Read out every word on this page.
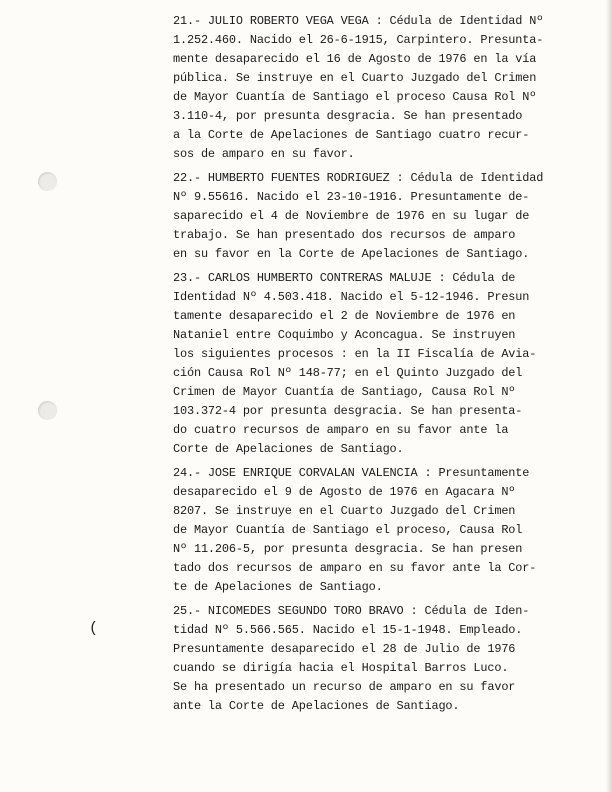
(
21.- JULIO ROBERTO VEGA VEGA : Cédula de Identidad Nº
1.252.460. Nacido el 26-6-1915, Carpintero. Presunta-
mente desaparecido el 16 de Agosto de 1976 en la vía
pública. Se instruye en el Cuarto Juzgado del Crimen
de Mayor Cuantía de Santiago el proceso Causa Rol Nº
3.110-4, por presunta desgracia. Se han presentado
a la Corte de Apelaciones de Santiago cuatro recur-
sos de amparo en su favor.
22.- HUMBERTO FUENTES RODRIGUEZ : Cédula de Identidad
Nº 9.55616. Nacido el 23-10-1916. Presuntamente de-
saparecido el 4 de Noviembre de 1976 en su lugar de
trabajo. Se han presentado dos recursos de amparo
en su favor en la Corte de Apelaciones de Santiago.
23.- CARLOS HUMBERTO CONTRERAS MALUJE : Cédula de
Identidad Nº 4.503.418. Nacido el 5-12-1946. Presun
tamente desaparecido el 2 de Noviembre de 1976 en
Nataniel entre Coquimbo y Aconcagua. Se instruyen
los siguientes procesos : en la II Fiscalía de Avia-
ción Causa Rol Nº 148-77; en el Quinto Juzgado del
Crimen de Mayor Cuantía de Santiago, Causa Rol Nº
103.372-4 por presunta desgracia. Se han presenta-
do cuatro recursos de amparo en su favor ante la
Corte de Apelaciones de Santiago.
24.- JOSE ENRIQUE CORVALAN VALENCIA : Presuntamente
desaparecido el 9 de Agosto de 1976 en Agacara Nº
8207. Se instruye en el Cuarto Juzgado del Crimen
de Mayor Cuantía de Santiago el proceso, Causa Rol
Nº 11.206-5, por presunta desgracia. Se han presen
tado dos recursos de amparo en su favor ante la Cor-
te de Apelaciones de Santiago.
25.- NICOMEDES SEGUNDO TORO BRAVO : Cédula de Iden-
tidad Nº 5.566.565. Nacido el 15-1-1948. Empleado.
Presuntamente desaparecido el 28 de Julio de 1976
cuando se dirigía hacia el Hospital Barros Luco.
Se ha presentado un recurso de amparo en su favor
ante la Corte de Apelaciones de Santiago.
